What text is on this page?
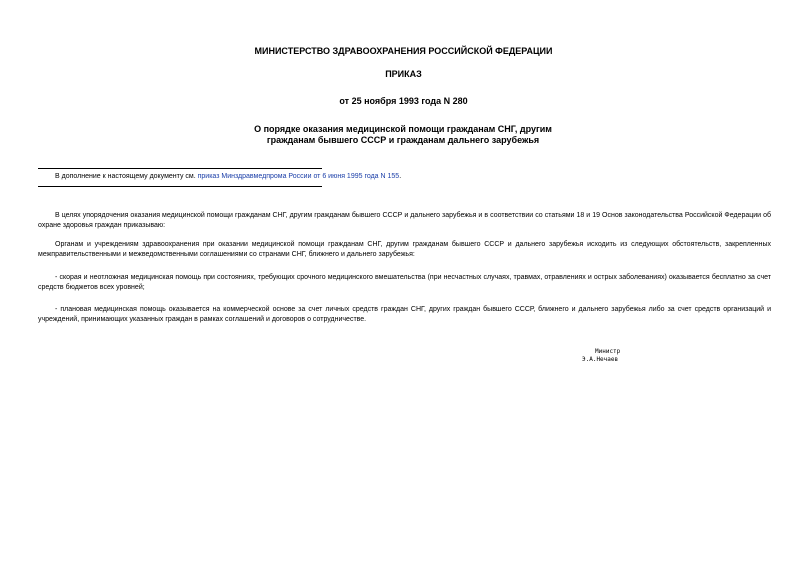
МИНИСТЕРСТВО ЗДРАВООХРАНЕНИЯ РОССИЙСКОЙ ФЕДЕРАЦИИ

ПРИКАЗ

от 25 ноября 1993 года N 280

О порядке оказания медицинской помощи гражданам СНГ, другим гражданам бывшего СССР и гражданам дальнего зарубежья

В дополнение к настоящему документу см. приказ Минздравмедпрома России от 6 июня 1995 года N 155.

В целях упорядочения оказания медицинской помощи гражданам СНГ, другим гражданам бывшего СССР и дальнего зарубежья и в соответствии со статьями 18 и 19 Основ законодательства Российской Федерации об охране здоровья граждан приказываю:

Органам и учреждениям здравоохранения при оказании медицинской помощи гражданам СНГ, другим гражданам бывшего СССР и дальнего зарубежья исходить из следующих обстоятельств, закрепленных межправительственными и межведомственными соглашениями со странами СНГ, ближнего и дальнего зарубежья:

- скорая и неотложная медицинская помощь при состояниях, требующих срочного медицинского вмешательства (при несчастных случаях, травмах, отравлениях и острых заболеваниях) оказывается бесплатно за счет средств бюджетов всех уровней;

- плановая медицинская помощь оказывается на коммерческой основе за счет личных средств граждан СНГ, других граждан бывшего СССР, ближнего и дальнего зарубежья либо за счет средств организаций и учреждений, принимающих указанных граждан в рамках соглашений и договоров о сотрудничестве.

Министр

Э.А.Нечаев
